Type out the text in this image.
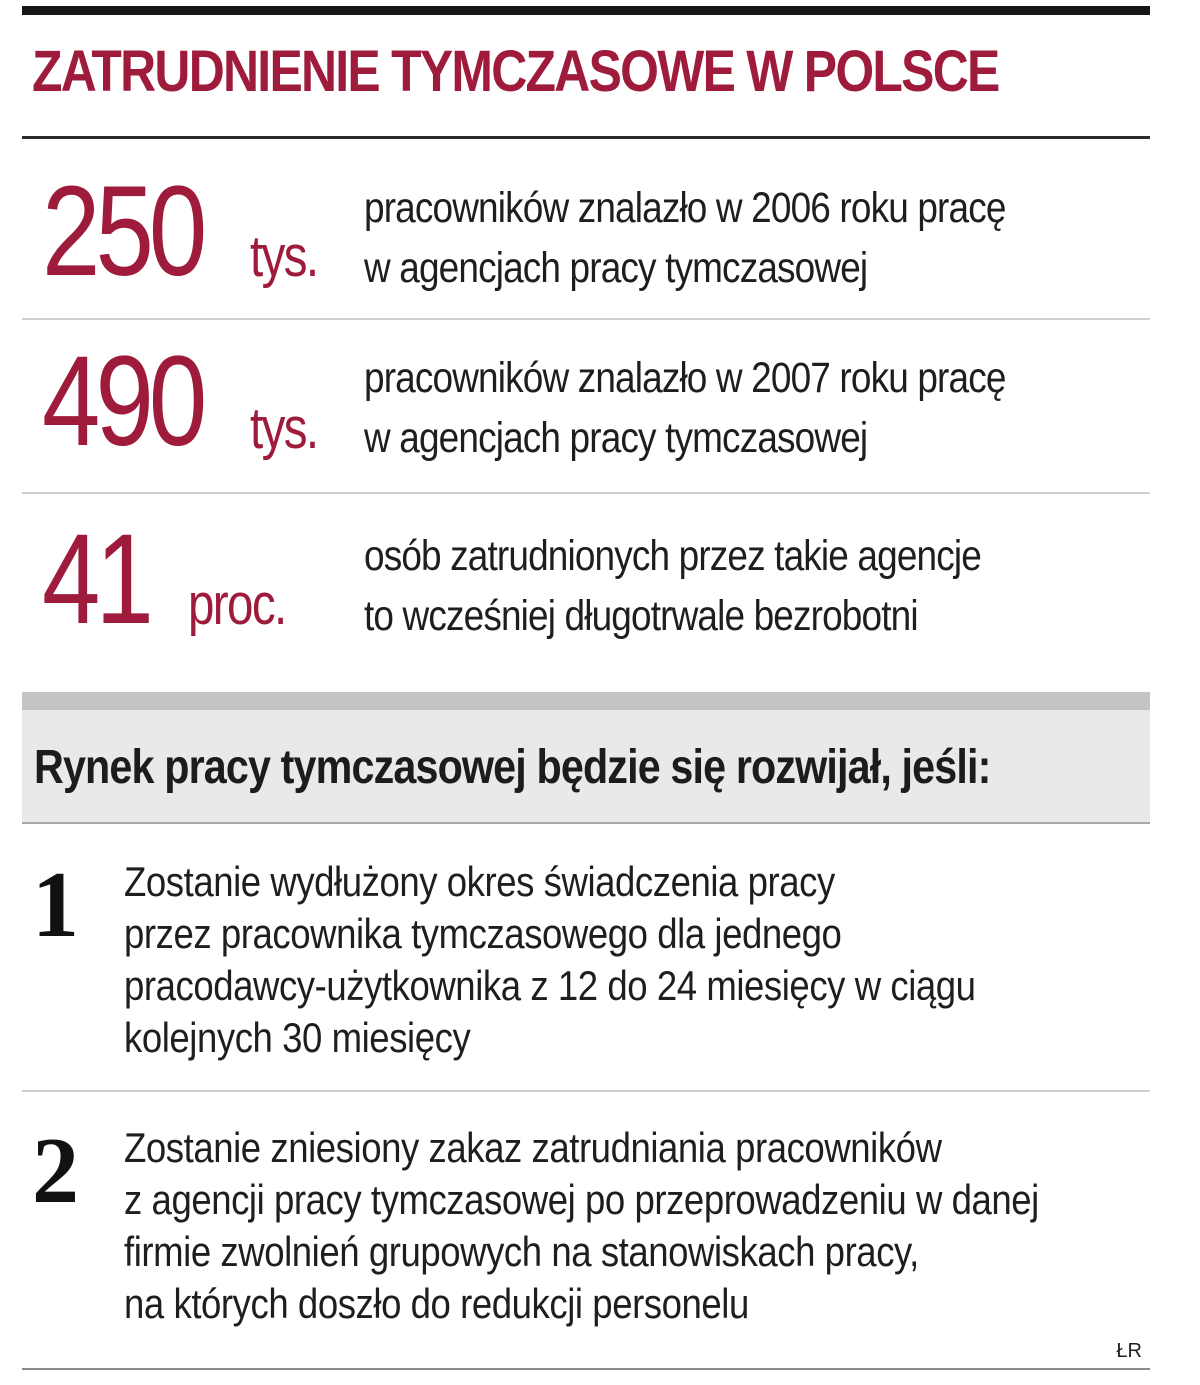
ZATRUDNIENIE TYMCZASOWE W POLSCE
250 tys.
pracowników znalazło w 2006 roku pracę
w agencjach pracy tymczasowej
490 tys.
pracowników znalazło w 2007 roku pracę
w agencjach pracy tymczasowej
41 proc.
osób zatrudnionych przez takie agencje
to wcześniej długotrwale bezrobotni
Rynek pracy tymczasowej będzie się rozwijał, jeśli:
1 Zostanie wydłużony okres świadczenia pracy
przez pracownika tymczasowego dla jednego
pracodawcy-użytkownika z 12 do 24 miesięcy w ciągu
kolejnych 30 miesięcy
2 Zostanie zniesiony zakaz zatrudniania pracowników
z agencji pracy tymczasowej po przeprowadzeniu w danej
firmie zwolnień grupowych na stanowiskach pracy,
na których doszło do redukcji personelu
ŁR
